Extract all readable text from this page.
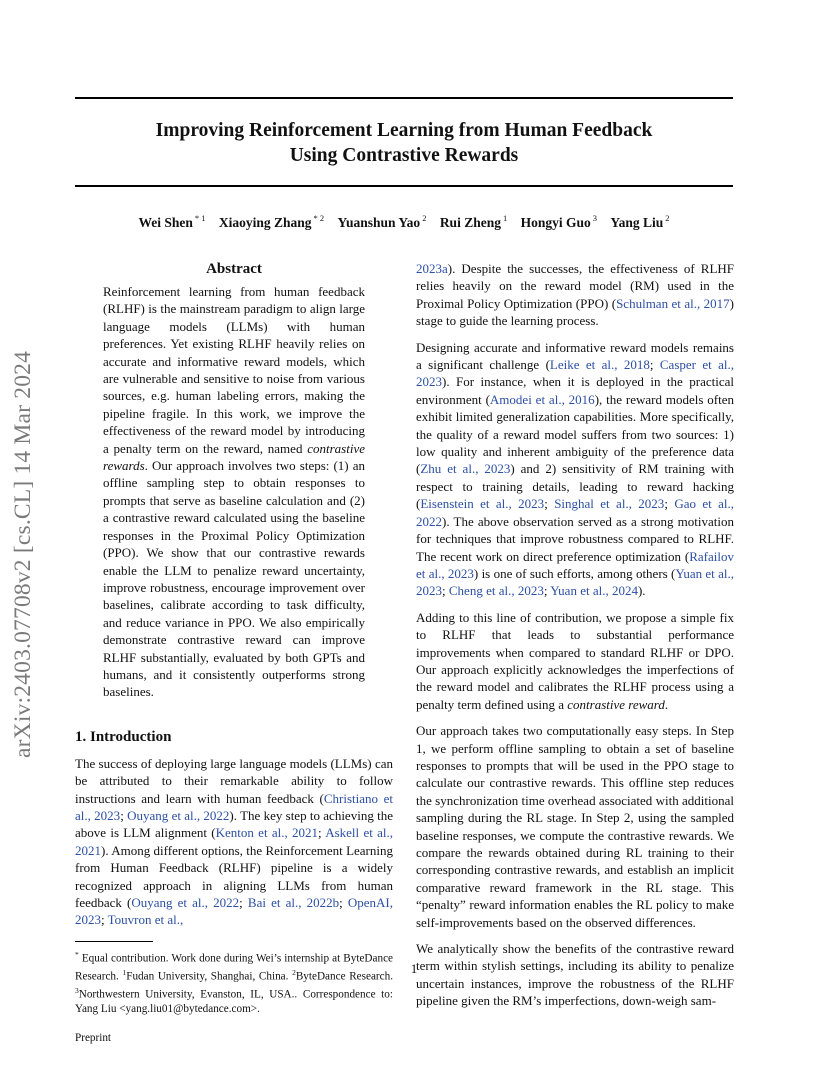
Improving Reinforcement Learning from Human Feedback
Using Contrastive Rewards
Wei Shen $^{* 1}$ Xiaoying Zhang $^{* 2}$ Yuanshun Yao $^2$ Rui Zheng $^1$ Hongyi Guo $^3$ Yang Liu $^2$
arXiv:2403.07708v2 [cs.CL] 14 Mar 2024
Abstract

Reinforcement learning from human feedback (RLHF) is the mainstream paradigm to align large language models (LLMs) with human preferences. Yet existing RLHF heavily relies on accurate and informative reward models, which are vulnerable and sensitive to noise from various sources, e.g. human labeling errors, making the pipeline fragile. In this work, we improve the effectiveness of the reward model by introducing a penalty term on the reward, named contrastive rewards. Our approach involves two steps: (1) an offline sampling step to obtain responses to prompts that serve as baseline calculation and (2) a contrastive reward calculated using the baseline responses in the Proximal Policy Optimization (PPO). We show that our contrastive rewards enable the LLM to penalize reward uncertainty, improve robustness, encourage improvement over baselines, calibrate according to task difficulty, and reduce variance in PPO. We also empirically demonstrate contrastive reward can improve RLHF substantially, evaluated by both GPTs and humans, and it consistently outperforms strong baselines.

1. Introduction

The success of deploying large language models (LLMs) can be attributed to their remarkable ability to follow instructions and learn with human feedback (Christiano et al., 2023; Ouyang et al., 2022). The key step to achieving the above is LLM alignment (Kenton et al., 2021; Askell et al., 2021). Among different options, the Reinforcement Learning from Human Feedback (RLHF) pipeline is a widely recognized approach in aligning LLMs from human feedback (Ouyang et al., 2022; Bai et al., 2022b; OpenAI, 2023; Touvron et al.,

* Equal contribution. Work done during Wei’s internship at ByteDance Research. $^1$Fudan University, Shanghai, China. $^2$ByteDance Research. $^3$Northwestern University, Evanston, IL, USA.. Correspondence to: Yang Liu <yang.liu01@bytedance.com>.
Preprint

2023a). Despite the successes, the effectiveness of RLHF relies heavily on the reward model (RM) used in the Proximal Policy Optimization (PPO) (Schulman et al., 2017) stage to guide the learning process.

Designing accurate and informative reward models remains a significant challenge (Leike et al., 2018; Casper et al., 2023). For instance, when it is deployed in the practical environment (Amodei et al., 2016), the reward models often exhibit limited generalization capabilities. More specifically, the quality of a reward model suffers from two sources: 1) low quality and inherent ambiguity of the preference data (Zhu et al., 2023) and 2) sensitivity of RM training with respect to training details, leading to reward hacking (Eisenstein et al., 2023; Singhal et al., 2023; Gao et al., 2022). The above observation served as a strong motivation for techniques that improve robustness compared to RLHF. The recent work on direct preference optimization (Rafailov et al., 2023) is one of such efforts, among others (Yuan et al., 2023; Cheng et al., 2023; Yuan et al., 2024).

Adding to this line of contribution, we propose a simple fix to RLHF that leads to substantial performance improvements when compared to standard RLHF or DPO. Our approach explicitly acknowledges the imperfections of the reward model and calibrates the RLHF process using a penalty term defined using a contrastive reward.

Our approach takes two computationally easy steps. In Step 1, we perform offline sampling to obtain a set of baseline responses to prompts that will be used in the PPO stage to calculate our contrastive rewards. This offline step reduces the synchronization time overhead associated with additional sampling during the RL stage. In Step 2, using the sampled baseline responses, we compute the contrastive rewards. We compare the rewards obtained during RL training to their corresponding contrastive rewards, and establish an implicit comparative reward framework in the RL stage. This “penalty” reward information enables the RL policy to make self-improvements based on the observed differences.

We analytically show the benefits of the contrastive reward term within stylish settings, including its ability to penalize uncertain instances, improve the robustness of the RLHF pipeline given the RM’s imperfections, down-weigh sam-

1
